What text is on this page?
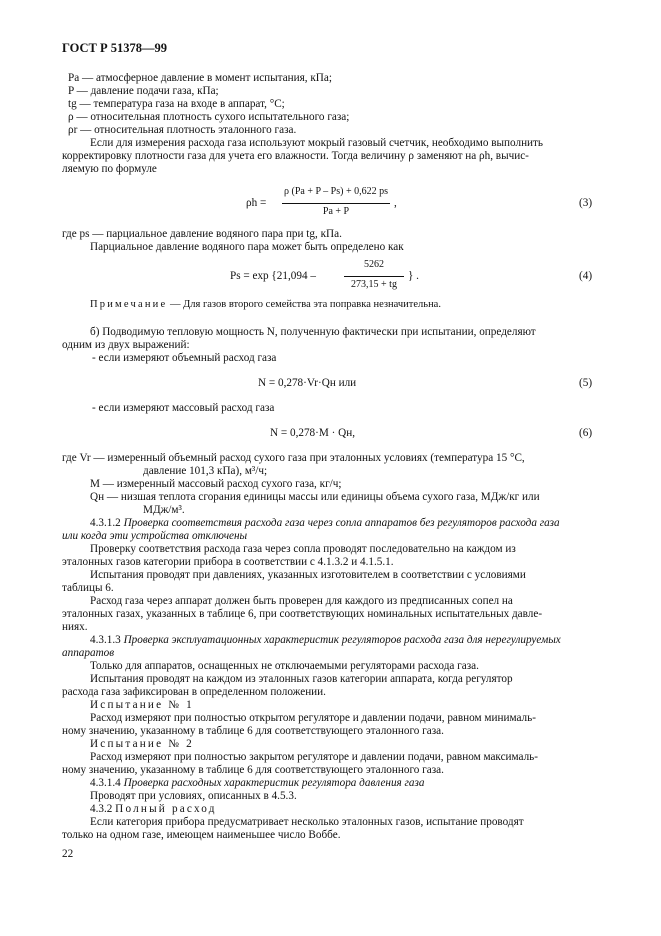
ГОСТ Р 51378—99
Pa — атмосферное давление в момент испытания, кПа;
P — давление подачи газа, кПа;
tg — температура газа на входе в аппарат, °С;
ρ — относительная плотность сухого испытательного газа;
ρr — относительная плотность эталонного газа.
Если для измерения расхода газа используют мокрый газовый счетчик, необходимо выполнить
корректировку плотности газа для учета его влажности. Тогда величину ρ заменяют на ρh, вычис-
ляемую по формуле
ρh =
ρ (Pa + P – Ps) + 0,622 ps
Pa + P
,	(3)
где ps — парциальное давление водяного пара при tg, кПа.
Парциальное давление водяного пара может быть определено как
Ps = exp {21,094 –
5262
273,15 + tg
} .	(4)
Примечание — Для газов второго семейства эта поправка незначительна.
б) Подводимую тепловую мощность N, полученную фактически при испытании, определяют
одним из двух выражений:
- если измеряют объемный расход газа
N = 0,278·Vr·Qн или	(5)
- если измеряют массовый расход газа
N = 0,278·M · Qн,	(6)
где Vr — измеренный объемный расход сухого газа при эталонных условиях (температура 15 °С,
давление 101,3 кПа), м³/ч;
M — измеренный массовый расход сухого газа, кг/ч;
Qн — низшая теплота сгорания единицы массы или единицы объема сухого газа, МДж/кг или
МДж/м³.
4.3.1.2 Проверка соответствия расхода газа через сопла аппаратов без регуляторов расхода газа
или когда эти устройства отключены
Проверку соответствия расхода газа через сопла проводят последовательно на каждом из
эталонных газов категории прибора в соответствии с 4.1.3.2 и 4.1.5.1.
Испытания проводят при давлениях, указанных изготовителем в соответствии с условиями
таблицы 6.
Расход газа через аппарат должен быть проверен для каждого из предписанных сопел на
эталонных газах, указанных в таблице 6, при соответствующих номинальных испытательных давле-
ниях.
4.3.1.3 Проверка эксплуатационных характеристик регуляторов расхода газа для нерегулируемых
аппаратов
Только для аппаратов, оснащенных не отключаемыми регуляторами расхода газа.
Испытания проводят на каждом из эталонных газов категории аппарата, когда регулятор
расхода газа зафиксирован в определенном положении.
Испытание № 1
Расход измеряют при полностью открытом регуляторе и давлении подачи, равном минималь-
ному значению, указанному в таблице 6 для соответствующего эталонного газа.
Испытание № 2
Расход измеряют при полностью закрытом регуляторе и давлении подачи, равном максималь-
ному значению, указанному в таблице 6 для соответствующего эталонного газа.
4.3.1.4 Проверка расходных характеристик регулятора давления газа
Проводят при условиях, описанных в 4.5.3.
4.3.2 Полный расход
Если категория прибора предусматривает несколько эталонных газов, испытание проводят
только на одном газе, имеющем наименьшее число Воббе.
22
